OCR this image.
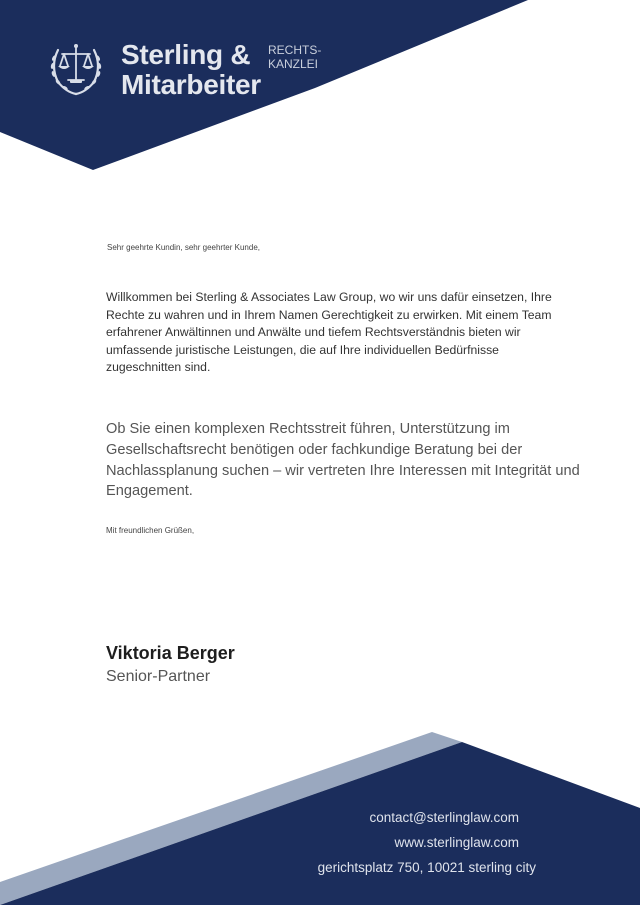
Sterling &
Mitarbeiter
RECHTS-
KANZLEI
Sehr geehrte Kundin, sehr geehrter Kunde,
Willkommen bei Sterling & Associates Law Group, wo wir uns dafür einsetzen, Ihre Rechte zu wahren und in Ihrem Namen Gerechtigkeit zu erwirken. Mit einem Team erfahrener Anwältinnen und Anwälte und tiefem Rechtsverständnis bieten wir umfassende juristische Leistungen, die auf Ihre individuellen Bedürfnisse zugeschnitten sind.
Ob Sie einen komplexen Rechtsstreit führen, Unterstützung im Gesellschaftsrecht benötigen oder fachkundige Beratung bei der Nachlassplanung suchen – wir vertreten Ihre Interessen mit Integrität und Engagement.
Mit freundlichen Grüßen,
Viktoria Berger
Senior-Partner
contact@sterlinglaw.com
www.sterlinglaw.com
gerichtsplatz 750, 10021 sterling city
